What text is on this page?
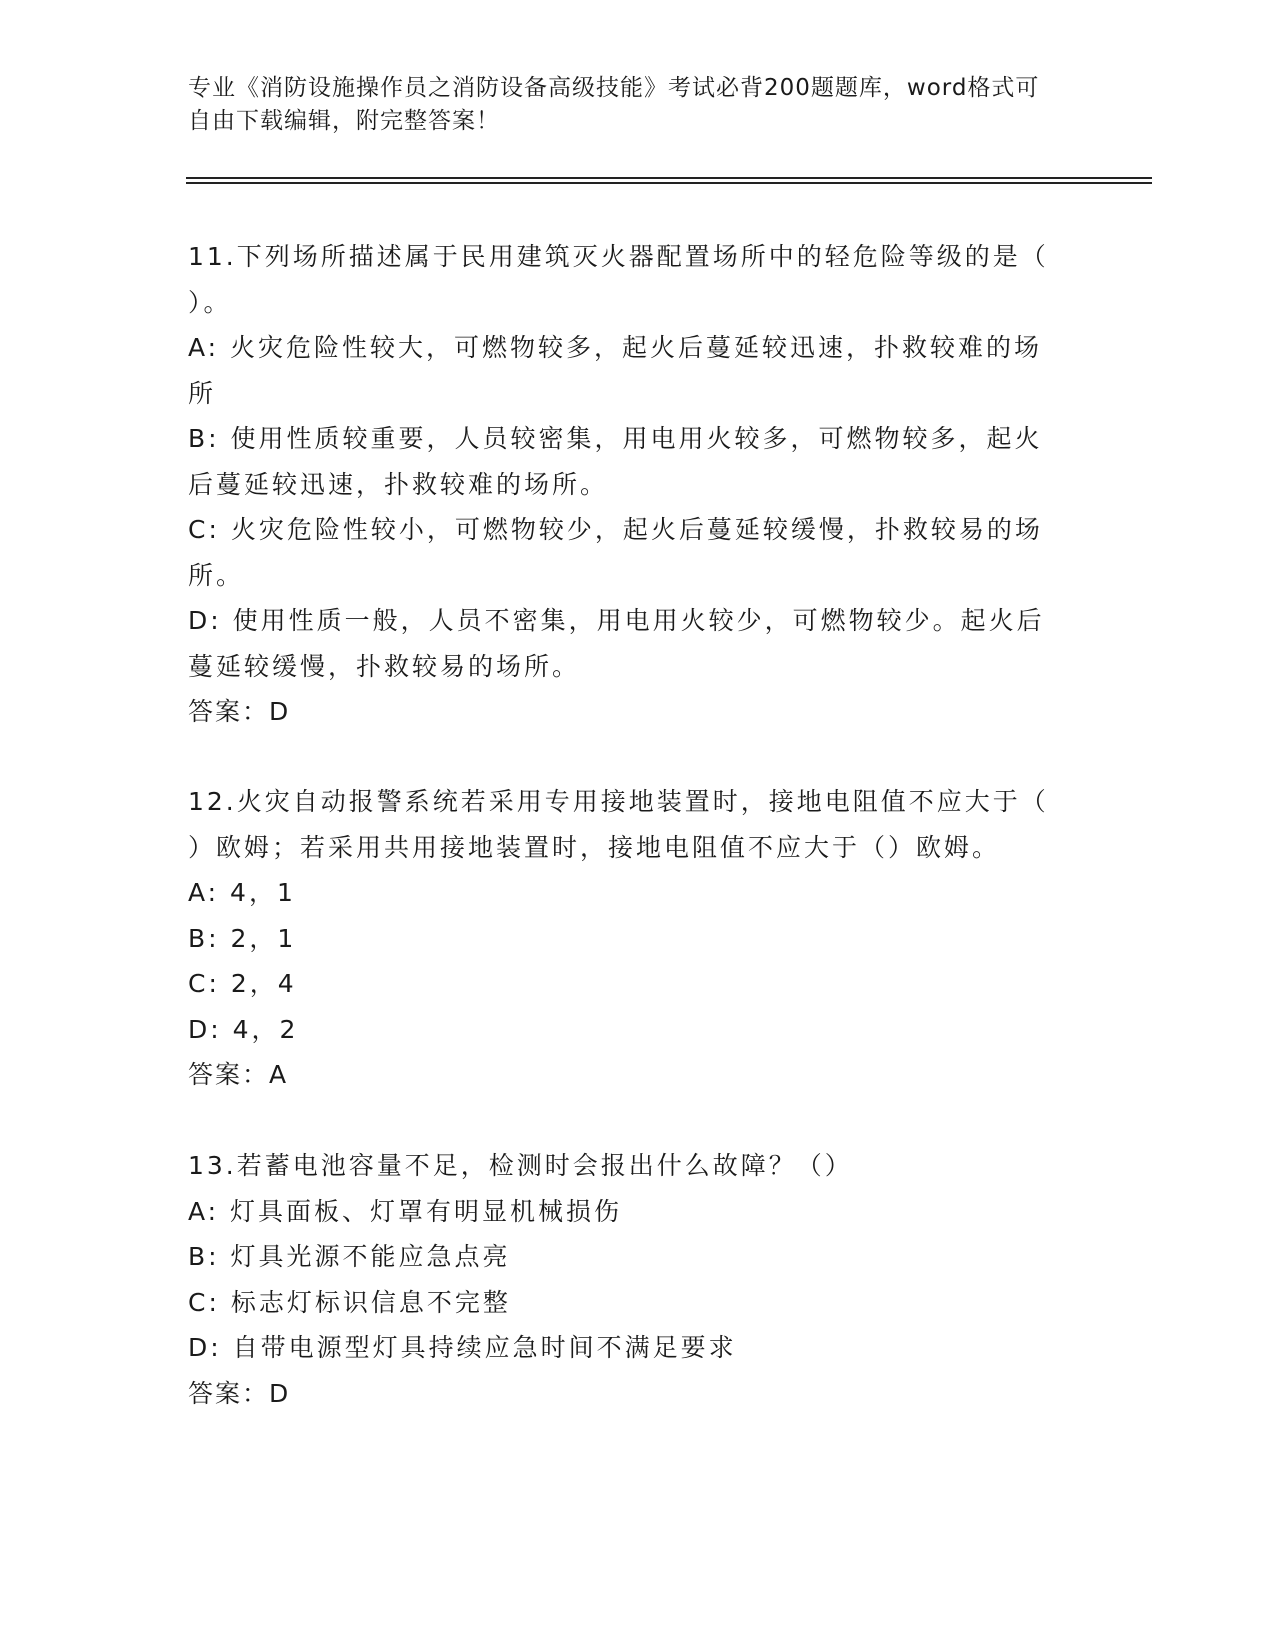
专业《消防设施操作员之消防设备高级技能》考试必背200题题库，word格式可
自由下载编辑，附完整答案！
11.下列场所描述属于民用建筑灭火器配置场所中的轻危险等级的是（
）。
A: 火灾危险性较大，可燃物较多，起火后蔓延较迅速，扑救较难的场
所
B: 使用性质较重要，人员较密集，用电用火较多，可燃物较多，起火
后蔓延较迅速，扑救较难的场所。
C: 火灾危险性较小，可燃物较少，起火后蔓延较缓慢，扑救较易的场
所。
D: 使用性质一般，人员不密集，用电用火较少，可燃物较少。起火后
蔓延较缓慢，扑救较易的场所。
答案：D
12.火灾自动报警系统若采用专用接地装置时，接地电阻值不应大于（
）欧姆；若采用共用接地装置时，接地电阻值不应大于（）欧姆。
A: 4，1
B: 2，1
C: 2，4
D: 4，2
答案：A
13.若蓄电池容量不足，检测时会报出什么故障？（）
A: 灯具面板、灯罩有明显机械损伤
B: 灯具光源不能应急点亮
C: 标志灯标识信息不完整
D: 自带电源型灯具持续应急时间不满足要求
答案：D
